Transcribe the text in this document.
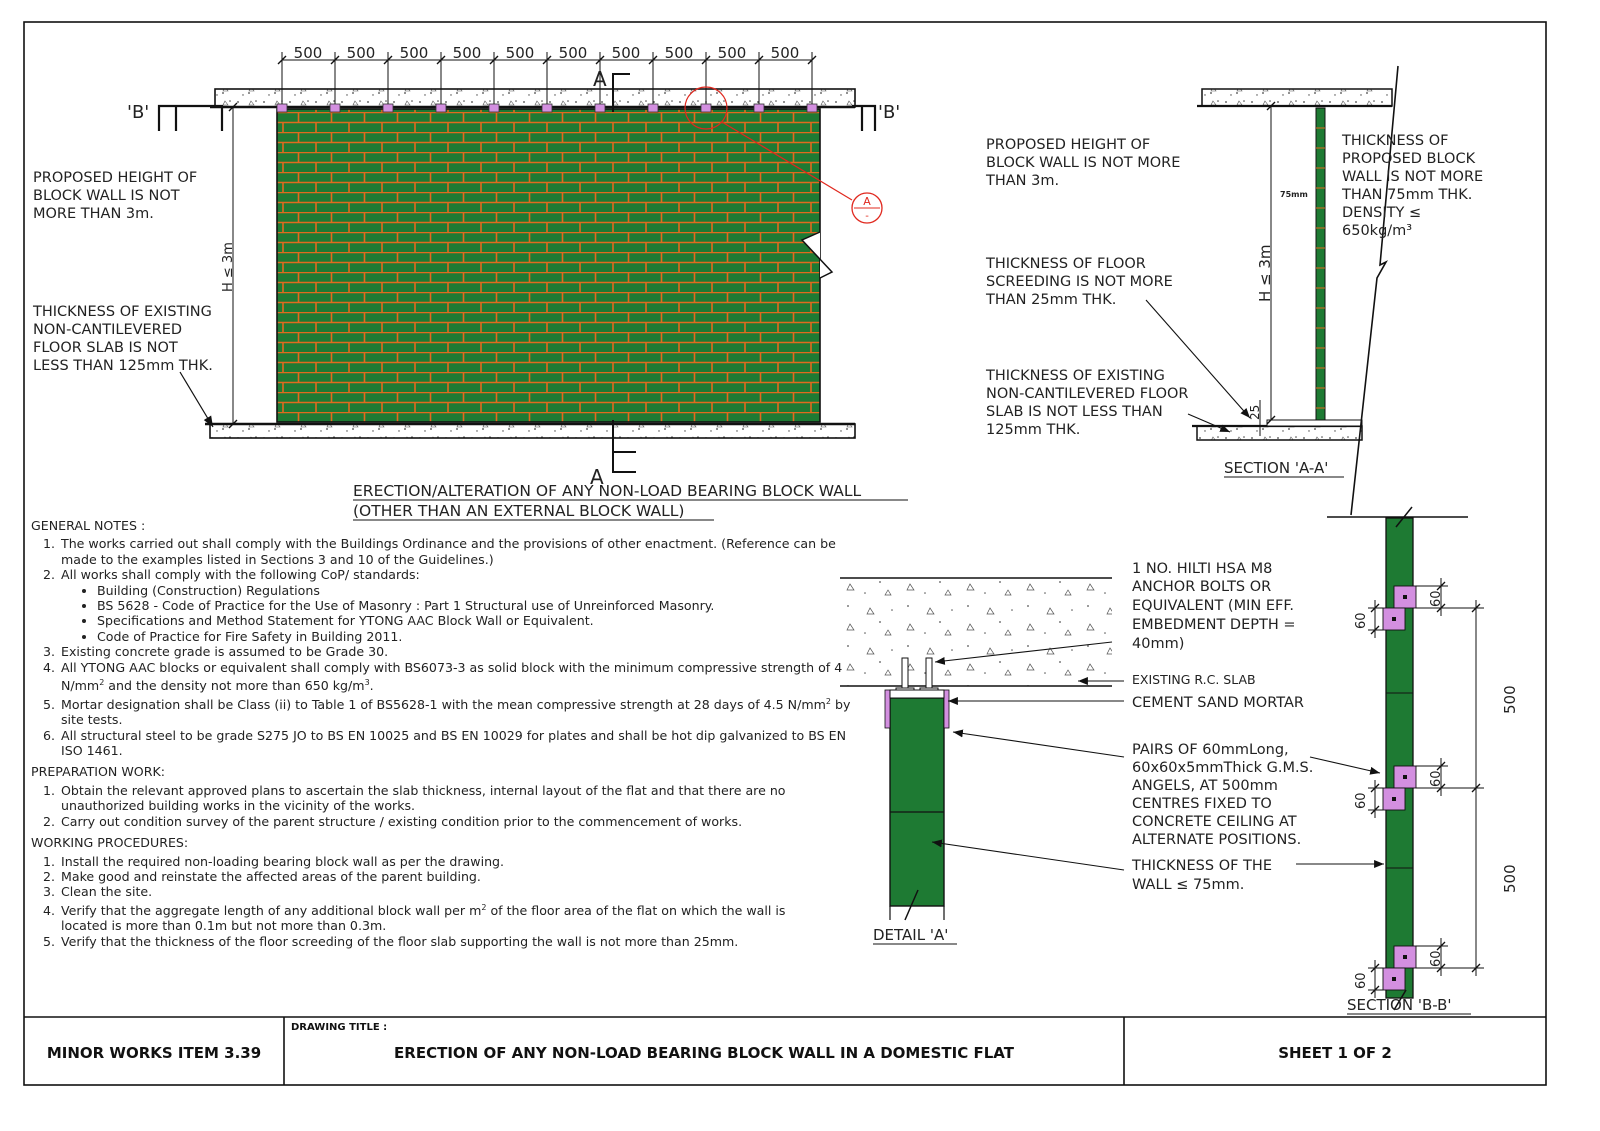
500 500 500 500 500 500 500 500 500 500
A
A
'B'	'B'
H ≤ 3m
A
-
PROPOSED HEIGHT OF
BLOCK WALL IS NOT
MORE THAN 3m.
THICKNESS OF EXISTING
NON-CANTILEVERED
FLOOR SLAB IS NOT
LESS THAN 125mm THK.
ERECTION/ALTERATION OF ANY NON-LOAD BEARING BLOCK WALL
(OTHER THAN AN EXTERNAL BLOCK WALL)
H ≤ 3m
25
75mm
PROPOSED HEIGHT OF
BLOCK WALL IS NOT MORE
THAN 3m.
THICKNESS OF
PROPOSED BLOCK
WALL IS NOT MORE
THAN 75mm THK.
DENSITY ≤
650kg/m³
THICKNESS OF FLOOR
SCREEDING IS NOT MORE
THAN 25mm THK.
THICKNESS OF EXISTING
NON-CANTILEVERED FLOOR
SLAB IS NOT LESS THAN
125mm THK.
SECTION 'A-A'
1 NO. HILTI HSA M8
ANCHOR BOLTS OR
EQUIVALENT (MIN EFF.
EMBEDMENT DEPTH =
40mm)
EXISTING R.C. SLAB
CEMENT SAND MORTAR
PAIRS OF 60mmLong,
60x60x5mmThick G.M.S.
ANGELS, AT 500mm
CENTRES FIXED TO
CONCRETE CEILING AT
ALTERNATE POSITIONS.
THICKNESS OF THE
WALL ≤ 75mm.
DETAIL 'A'
60
60
60
60
60
60
500
500
SECTION 'B-B'
MINOR WORKS ITEM 3.39
DRAWING TITLE :
ERECTION OF ANY NON-LOAD BEARING BLOCK WALL IN A DOMESTIC FLAT	SHEET 1 OF 2
GENERAL NOTES :
1. The works carried out shall comply with the Buildings Ordinance and the provisions of other enactment. (Reference can be made to the examples listed in Sections 3 and 10 of the Guidelines.)
2. All works shall comply with the following CoP/ standards:
• Building (Construction) Regulations
• BS 5628 - Code of Practice for the Use of Masonry : Part 1 Structural use of Unreinforced Masonry.
• Specifications and Method Statement for YTONG AAC Block Wall or Equivalent.
• Code of Practice for Fire Safety in Building 2011.
3. Existing concrete grade is assumed to be Grade 30.
4. All YTONG AAC blocks or equivalent shall comply with BS6073-3 as solid block with the minimum compressive strength of 4 $N/mm^2$ and the density not more than 650 $kg/m^3$.
5. Mortar designation shall be Class (ii) to Table 1 of BS5628-1 with the mean compressive strength at 28 days of 4.5 $N/mm^2$ by site tests.
6. All structural steel to be grade S275 JO to BS EN 10025 and BS EN 10029 for plates and shall be hot dip galvanized to BS EN ISO 1461.
PREPARATION WORK:
1. Obtain the relevant approved plans to ascertain the slab thickness, internal layout of the flat and that there are no unauthorized building works in the vicinity of the works.
2. Carry out condition survey of the parent structure / existing condition prior to the commencement of works.
WORKING PROCEDURES:
1. Install the required non-loading bearing block wall as per the drawing.
2. Make good and reinstate the affected areas of the parent building.
3. Clean the site.
4. Verify that the aggregate length of any additional block wall per $m^2$ of the floor area of the flat on which the wall is located is more than 0.1m but not more than 0.3m.
5. Verify that the thickness of the floor screeding of the floor slab supporting the wall is not more than 25mm.
